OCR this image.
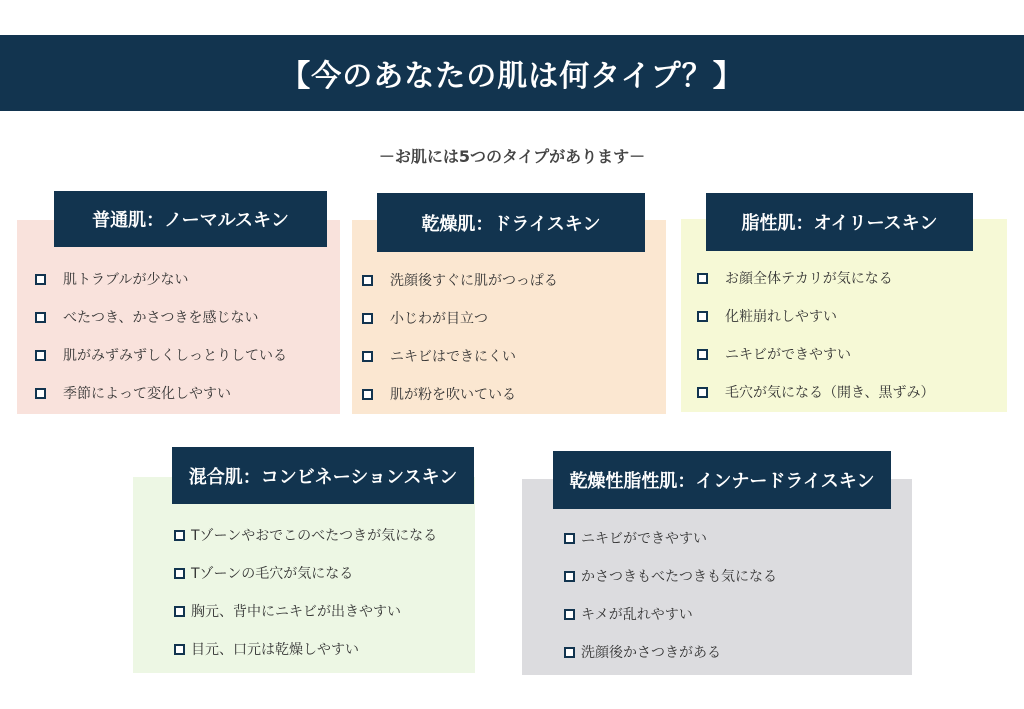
【今のあなたの肌は何タイプ？】
－お肌には5つのタイプがあります－
普通肌：ノーマルスキン
肌トラブルが少ない
べたつき、かさつきを感じない
肌がみずみずしくしっとりしている
季節によって変化しやすい
乾燥肌：ドライスキン
洗顔後すぐに肌がつっぱる
小じわが目立つ
ニキビはできにくい
肌が粉を吹いている
脂性肌：オイリースキン
お顔全体テカリが気になる
化粧崩れしやすい
ニキビができやすい
毛穴が気になる（開き、黒ずみ）
混合肌：コンビネーションスキン
Tゾーンやおでこのべたつきが気になる
Tゾーンの毛穴が気になる
胸元、背中にニキビが出きやすい
目元、口元は乾燥しやすい
乾燥性脂性肌：インナードライスキン
ニキビができやすい
かさつきもべたつきも気になる
キメが乱れやすい
洗顔後かさつきがある
